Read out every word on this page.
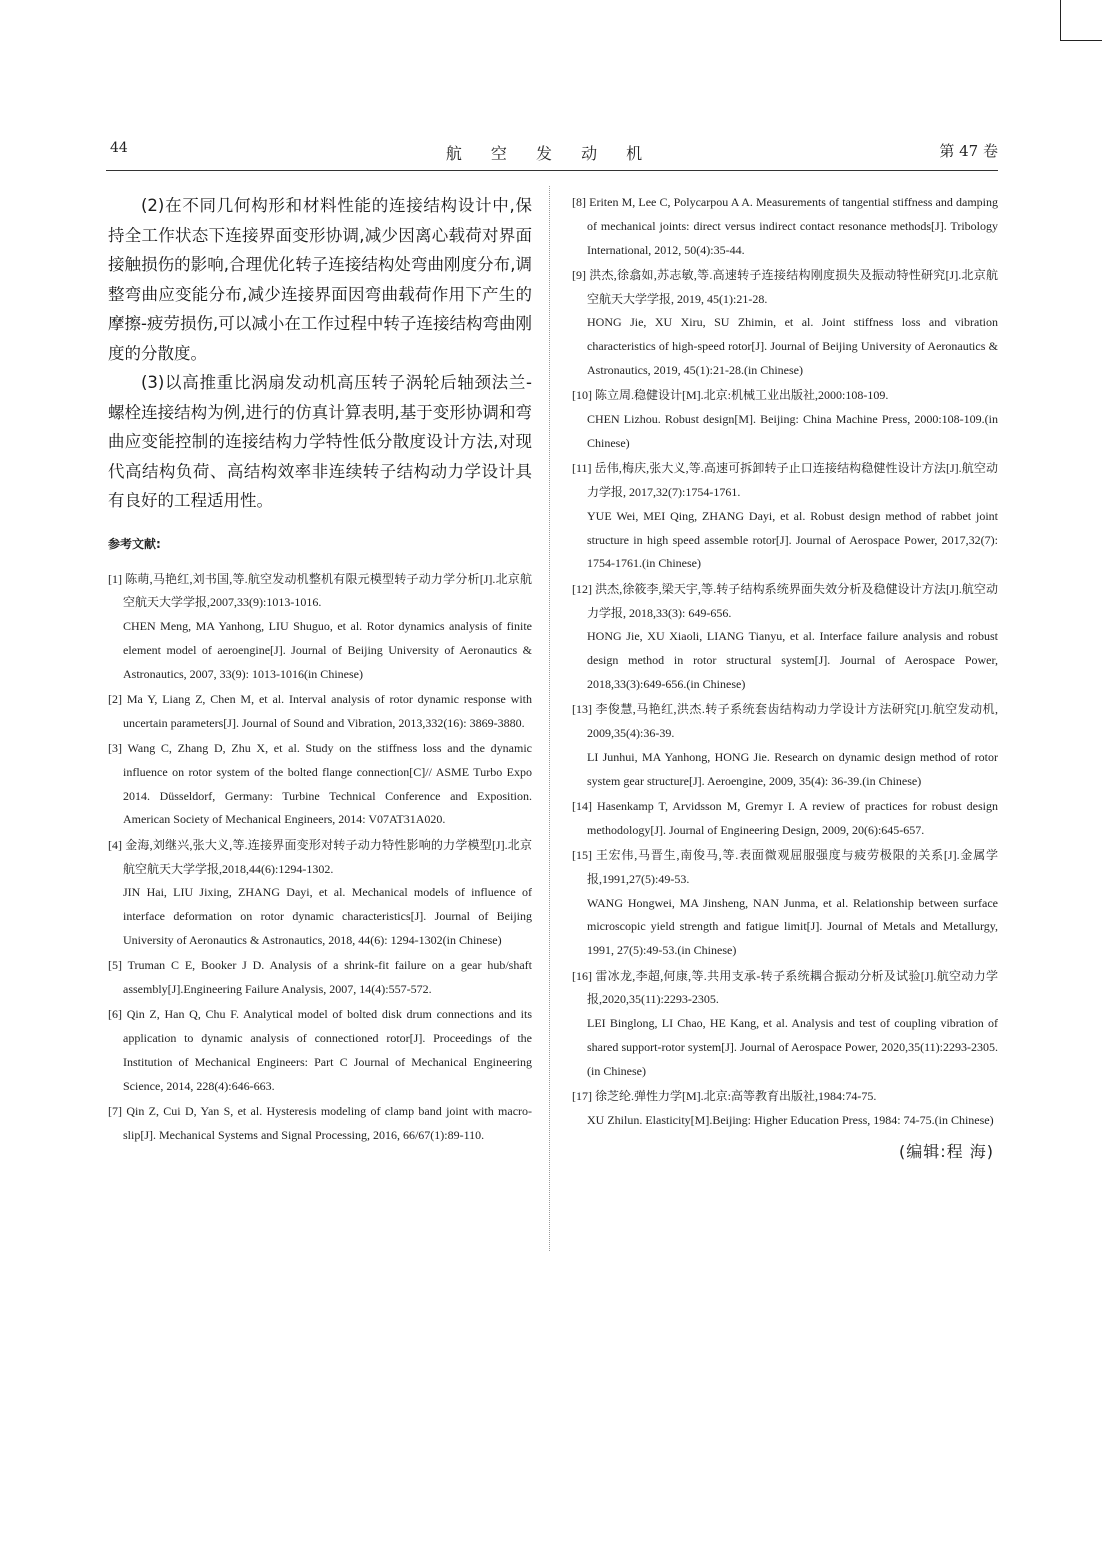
44	航 空 发 动 机	第 47 卷

(2)在不同几何构形和材料性能的连接结构设计中,保持全工作状态下连接界面变形协调,减少因离心载荷对界面接触损伤的影响,合理优化转子连接结构处弯曲刚度分布,调整弯曲应变能分布,减少连接界面因弯曲载荷作用下产生的摩擦-疲劳损伤,可以减小在工作过程中转子连接结构弯曲刚度的分散度。

(3)以高推重比涡扇发动机高压转子涡轮后轴颈法兰-螺栓连接结构为例,进行的仿真计算表明,基于变形协调和弯曲应变能控制的连接结构力学特性低分散度设计方法,对现代高结构负荷、高结构效率非连续转子结构动力学设计具有良好的工程适用性。

参考文献:
[1] 陈萌,马艳红,刘书国,等.航空发动机整机有限元模型转子动力学分析[J].北京航空航天大学学报,2007,33(9):1013-1016.
CHEN Meng, MA Yanhong, LIU Shuguo, et al. Rotor dynamics analysis of finite element model of aeroengine[J]. Journal of Beijing University of Aeronautics & Astronautics, 2007, 33(9): 1013-1016(in Chinese)
[2] Ma Y, Liang Z, Chen M, et al. Interval analysis of rotor dynamic response with uncertain parameters[J]. Journal of Sound and Vibration, 2013,332(16): 3869-3880.
[3] Wang C, Zhang D, Zhu X, et al. Study on the stiffness loss and the dynamic influence on rotor system of the bolted flange connection[C]// ASME Turbo Expo 2014. Düsseldorf, Germany: Turbine Technical Conference and Exposition. American Society of Mechanical Engineers, 2014: V07AT31A020.
[4] 金海,刘继兴,张大义,等.连接界面变形对转子动力特性影响的力学模型[J].北京航空航天大学学报,2018,44(6):1294-1302.
JIN Hai, LIU Jixing, ZHANG Dayi, et al. Mechanical models of influence of interface deformation on rotor dynamic characteristics[J]. Journal of Beijing University of Aeronautics & Astronautics, 2018, 44(6): 1294-1302(in Chinese)
[5] Truman C E, Booker J D. Analysis of a shrink-fit failure on a gear hub/shaft assembly[J].Engineering Failure Analysis, 2007, 14(4):557-572.
[6] Qin Z, Han Q, Chu F. Analytical model of bolted disk drum connections and its application to dynamic analysis of connectioned rotor[J]. Proceedings of the Institution of Mechanical Engineers: Part C Journal of Mechanical Engineering Science, 2014, 228(4):646-663.
[7] Qin Z, Cui D, Yan S, et al. Hysteresis modeling of clamp band joint with macro-slip[J]. Mechanical Systems and Signal Processing, 2016, 66/67(1):89-110.
[8] Eriten M, Lee C, Polycarpou A A. Measurements of tangential stiffness and damping of mechanical joints: direct versus indirect contact resonance methods[J]. Tribology International, 2012, 50(4):35-44.
[9] 洪杰,徐翕如,苏志敏,等.高速转子连接结构刚度损失及振动特性研究[J].北京航空航天大学学报, 2019, 45(1):21-28.
HONG Jie, XU Xiru, SU Zhimin, et al. Joint stiffness loss and vibration characteristics of high-speed rotor[J]. Journal of Beijing University of Aeronautics & Astronautics, 2019, 45(1):21-28.(in Chinese)
[10] 陈立周.稳健设计[M].北京:机械工业出版社,2000:108-109.
CHEN Lizhou. Robust design[M]. Beijing: China Machine Press, 2000:108-109.(in Chinese)
[11] 岳伟,梅庆,张大义,等.高速可拆卸转子止口连接结构稳健性设计方法[J].航空动力学报, 2017,32(7):1754-1761.
YUE Wei, MEI Qing, ZHANG Dayi, et al. Robust design method of rabbet joint structure in high speed assemble rotor[J]. Journal of Aerospace Power, 2017,32(7): 1754-1761.(in Chinese)
[12] 洪杰,徐筱李,梁天宇,等.转子结构系统界面失效分析及稳健设计方法[J].航空动力学报, 2018,33(3): 649-656.
HONG Jie, XU Xiaoli, LIANG Tianyu, et al. Interface failure analysis and robust design method in rotor structural system[J]. Journal of Aerospace Power, 2018,33(3):649-656.(in Chinese)
[13] 李俊慧,马艳红,洪杰.转子系统套齿结构动力学设计方法研究[J].航空发动机, 2009,35(4):36-39.
LI Junhui, MA Yanhong, HONG Jie. Research on dynamic design method of rotor system gear structure[J]. Aeroengine, 2009, 35(4): 36-39.(in Chinese)
[14] Hasenkamp T, Arvidsson M, Gremyr I. A review of practices for robust design methodology[J]. Journal of Engineering Design, 2009, 20(6):645-657.
[15] 王宏伟,马晋生,南俊马,等.表面微观屈服强度与疲劳极限的关系[J].金属学报,1991,27(5):49-53.
WANG Hongwei, MA Jinsheng, NAN Junma, et al. Relationship between surface microscopic yield strength and fatigue limit[J]. Journal of Metals and Metallurgy, 1991, 27(5):49-53.(in Chinese)
[16] 雷冰龙,李超,何康,等.共用支承-转子系统耦合振动分析及试验[J].航空动力学报,2020,35(11):2293-2305.
LEI Binglong, LI Chao, HE Kang, et al. Analysis and test of coupling vibration of shared support-rotor system[J]. Journal of Aerospace Power, 2020,35(11):2293-2305.(in Chinese)
[17] 徐芝纶.弹性力学[M].北京:高等教育出版社,1984:74-75.
XU Zhilun. Elasticity[M].Beijing: Higher Education Press, 1984: 74-75.(in Chinese)
(编辑:程 海)
